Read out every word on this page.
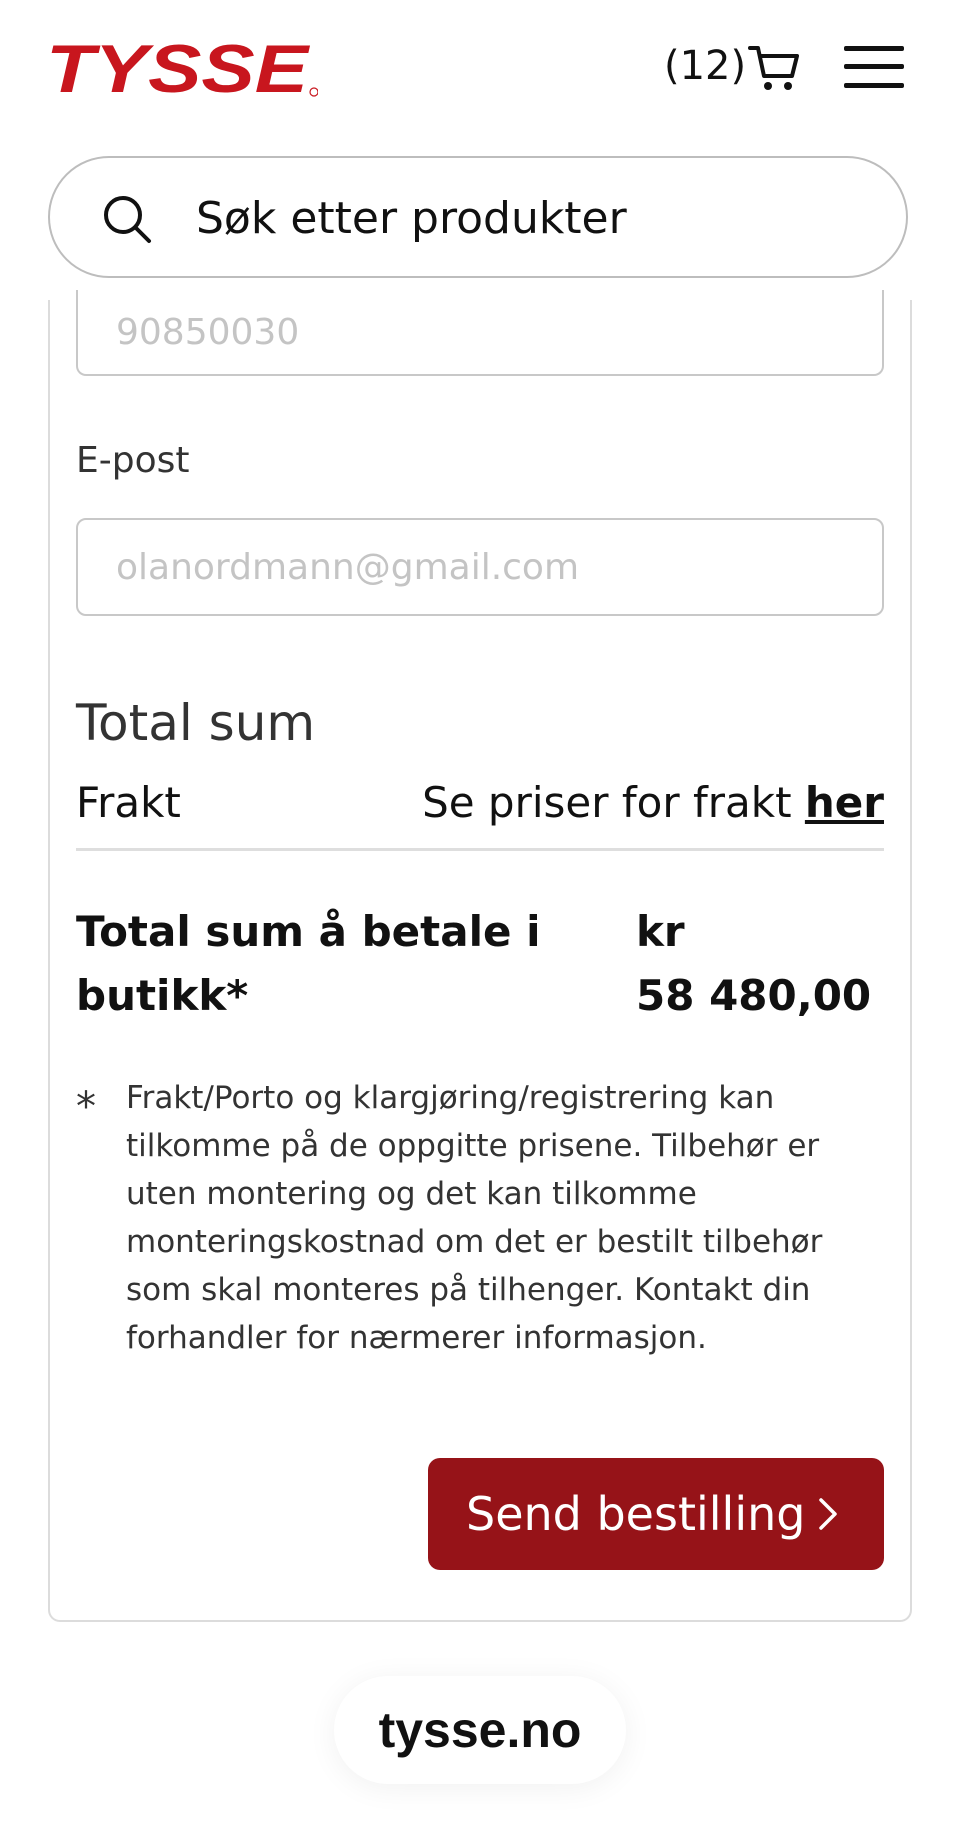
TYSSE	(12)
Søk etter produkter
90850030
E-post
olanordmann@gmail.com
Total sum
Frakt	Se priser for frakt her
Total sum å betale i butikk*
kr
58 480,00
* Frakt/Porto og klargjøring/registrering kan tilkomme på de oppgitte prisene. Tilbehør er uten montering og det kan tilkomme monteringskostnad om det er bestilt tilbehør som skal monteres på tilhenger. Kontakt din forhandler for nærmerer informasjon.
Send bestilling
tysse.no
